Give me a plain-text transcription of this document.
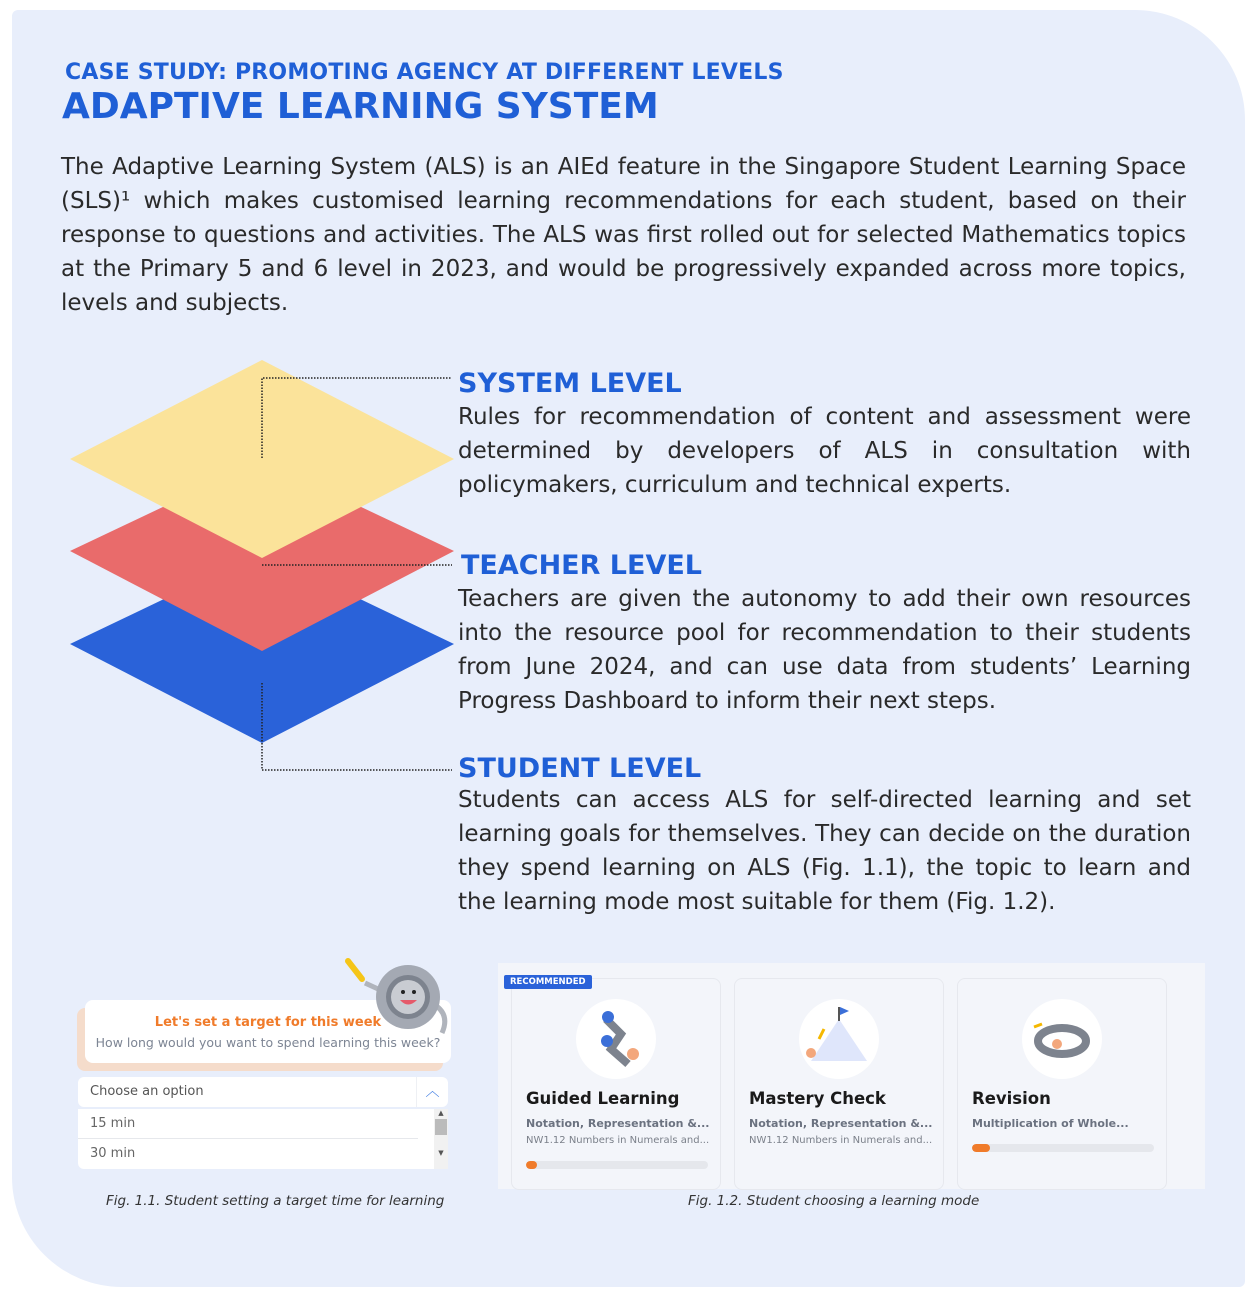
CASE STUDY: PROMOTING AGENCY AT DIFFERENT LEVELS
ADAPTIVE LEARNING SYSTEM
The Adaptive Learning System (ALS) is an AIEd feature in the Singapore Student Learning Space (SLS)¹ which makes customised learning recommendations for each student, based on their response to questions and activities. The ALS was first rolled out for selected Mathematics topics at the Primary 5 and 6 level in 2023, and would be progressively expanded across more topics, levels and subjects.
SYSTEM LEVEL

Rules for recommendation of content and assessment were determined by developers of ALS in consultation with policymakers, curriculum and technical experts.

TEACHER LEVEL

Teachers are given the autonomy to add their own resources into the resource pool for recommendation to their students from June 2024, and can use data from students’ Learning Progress Dashboard to inform their next steps.

STUDENT LEVEL

Students can access ALS for self-directed learning and set learning goals for themselves. They can decide on the duration they spend learning on ALS (Fig. 1.1), the topic to learn and the learning mode most suitable for them (Fig. 1.2).

Let's set a target for this week
How long would you want to spend learning this week?
Choose an option	︿
15 min
30 min
▲
▼
Fig. 1.1. Student setting a target time for learning
Guided Learning
Notation, Representation &...
NW1.12 Numbers in Numerals and...
RECOMMENDED
Mastery Check
Notation, Representation &...
NW1.12 Numbers in Numerals and...
Revision
Multiplication of Whole...
Fig. 1.2. Student choosing a learning mode
